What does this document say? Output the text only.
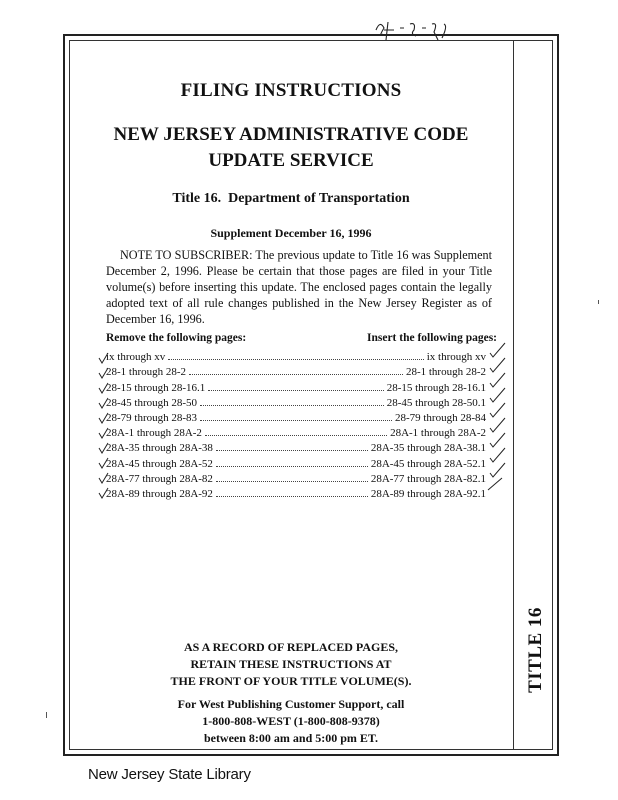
FILING INSTRUCTIONS
NEW JERSEY ADMINISTRATIVE CODE
UPDATE SERVICE
Title 16. Department of Transportation
Supplement December 16, 1996
NOTE TO SUBSCRIBER: The previous update to Title 16 was Supplement December 2, 1996. Please be certain that those pages are filed in your Title volume(s) before inserting this update. The enclosed pages contain the legally adopted text of all rule changes published in the New Jersey Register as of December 16, 1996.
Remove the following pages:	Insert the following pages:
ix through xv	ix through xv
28-1 through 28-2	28-1 through 28-2
28-15 through 28-16.1	28-15 through 28-16.1
28-45 through 28-50	28-45 through 28-50.1
28-79 through 28-83	28-79 through 28-84
28A-1 through 28A-2	28A-1 through 28A-2
28A-35 through 28A-38	28A-35 through 28A-38.1
28A-45 through 28A-52	28A-45 through 28A-52.1
28A-77 through 28A-82	28A-77 through 28A-82.1
28A-89 through 28A-92	28A-89 through 28A-92.1
AS A RECORD OF REPLACED PAGES,
RETAIN THESE INSTRUCTIONS AT
THE FRONT OF YOUR TITLE VOLUME(S).
For West Publishing Customer Support, call
1-800-808-WEST (1-800-808-9378)
between 8:00 am and 5:00 pm ET.
TITLE 16
New Jersey State Library
